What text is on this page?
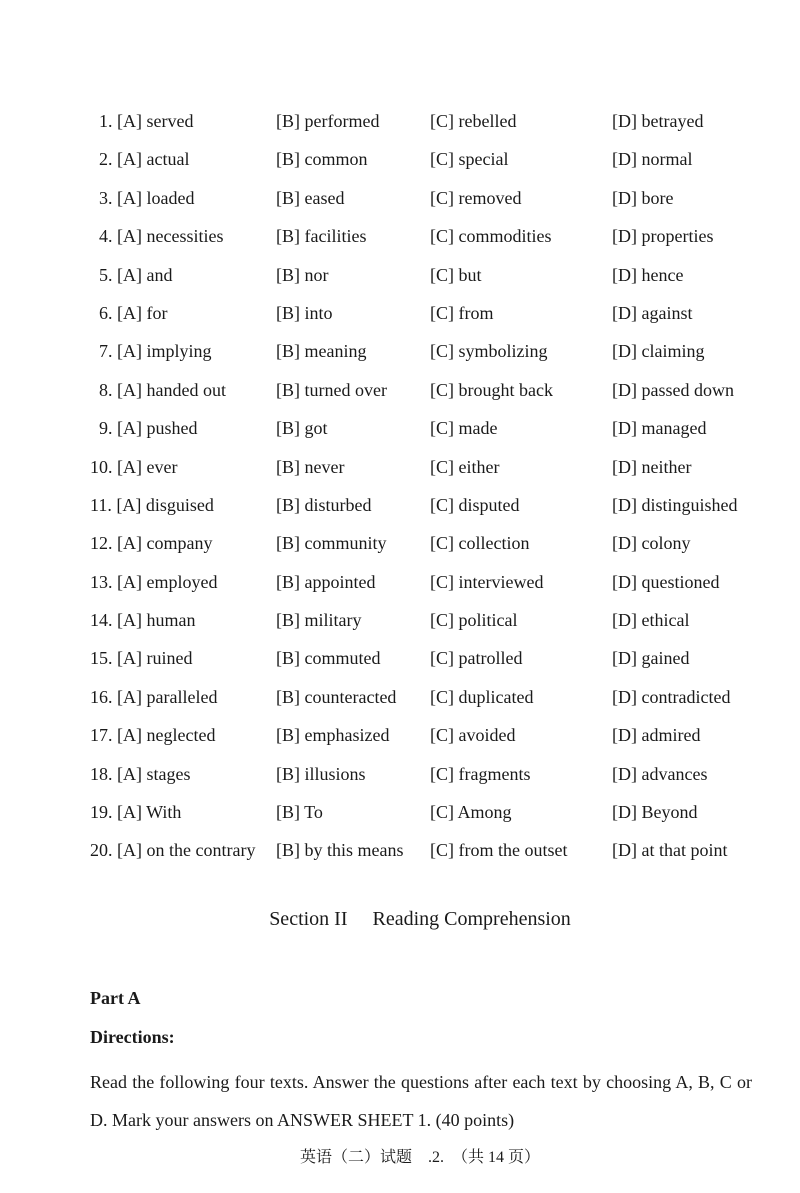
1. [A] served	[B] performed	[C] rebelled	[D] betrayed
2. [A] actual	[B] common	[C] special	[D] normal
3. [A] loaded	[B] eased	[C] removed	[D] bore
4. [A] necessities	[B] facilities	[C] commodities	[D] properties
5. [A] and	[B] nor	[C] but	[D] hence
6. [A] for	[B] into	[C] from	[D] against
7. [A] implying	[B] meaning	[C] symbolizing	[D] claiming
8. [A] handed out	[B] turned over [C] brought back	[D] passed down
9. [A] pushed	[B] got	[C] made	[D] managed
10. [A] ever	[B] never	[C] either	[D] neither
11. [A] disguised	[B] disturbed	[C] disputed	[D] distinguished
12. [A] company	[B] community [C] collection	[D] colony
13. [A] employed	[B] appointed	[C] interviewed	[D] questioned
14. [A] human	[B] military	[C] political	[D] ethical
15. [A] ruined	[B] commuted	[C] patrolled	[D] gained
16. [A] paralleled	[B] counteracted [C] duplicated	[D] contradicted
17. [A] neglected	[B] emphasized [C] avoided	[D] admired
18. [A] stages	[B] illusions	[C] fragments	[D] advances
19. [A] With	[B] To	[C] Among	[D] Beyond
20. [A] on the contrary [B] by this means [C] from the outset [D] at that point
Section II Reading Comprehension
Part A
Directions:
Read the following four texts. Answer the questions after each text by choosing A, B, C or D. Mark your answers on ANSWER SHEET 1. (40 points)
英语（二）试题　.2.　（共 14 页）
